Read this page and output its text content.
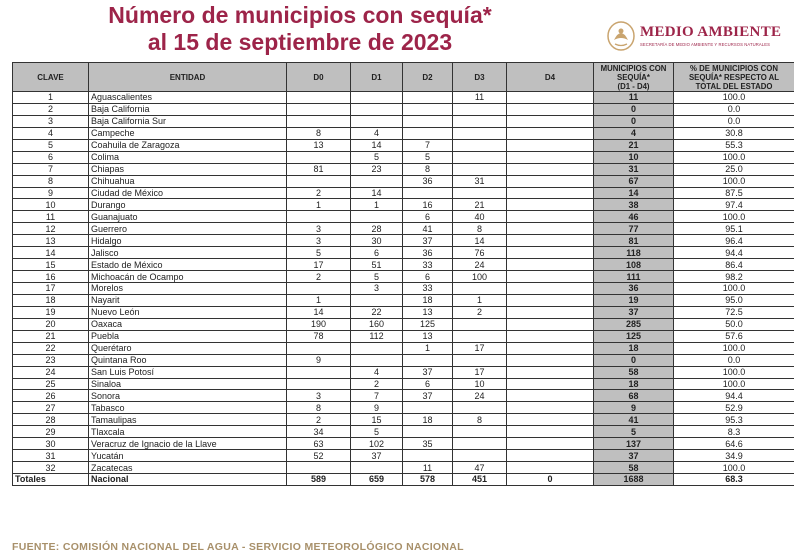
Número de municipios con sequía*
al 15 de septiembre de 2023	MEDIO AMBIENTE
SECRETARÍA DE MEDIO AMBIENTE Y RECURSOS NATURALES
CLAVE	ENTIDAD	D0	D1	D2	D3	D4	MUNICIPIOS CON SEQUÍA*
(D1 - D4)	% DE MUNICIPIOS CON SEQUÍA* RESPECTO AL TOTAL DEL ESTADO
1	Aguascalientes				11		11	100.0
2	Baja California						0	0.0
3	Baja California Sur						0	0.0
4	Campeche	8	4				4	30.8
5	Coahuila de Zaragoza	13	14	7			21	55.3
6	Colima		5	5			10	100.0
7	Chiapas	81	23	8			31	25.0
8	Chihuahua			36	31		67	100.0
9	Ciudad de México	2	14				14	87.5
10	Durango	1	1	16	21		38	97.4
11	Guanajuato			6	40		46	100.0
12	Guerrero	3	28	41	8		77	95.1
13	Hidalgo	3	30	37	14		81	96.4
14	Jalisco	5	6	36	76		118	94.4
15	Estado de México	17	51	33	24		108	86.4
16	Michoacán de Ocampo	2	5	6	100		111	98.2
17	Morelos		3	33			36	100.0
18	Nayarit	1		18	1		19	95.0
19	Nuevo León	14	22	13	2		37	72.5
20	Oaxaca	190	160	125			285	50.0
21	Puebla	78	112	13			125	57.6
22	Querétaro			1	17		18	100.0
23	Quintana Roo	9					0	0.0
24	San Luis Potosí		4	37	17		58	100.0
25	Sinaloa		2	6	10		18	100.0
26	Sonora	3	7	37	24		68	94.4
27	Tabasco	8	9				9	52.9
28	Tamaulipas	2	15	18	8		41	95.3
29	Tlaxcala	34	5				5	8.3
30	Veracruz de Ignacio de la Llave	63	102	35			137	64.6
31	Yucatán	52	37				37	34.9
32	Zacatecas			11	47		58	100.0
Totales	Nacional	589	659	578	451	0	1688	68.3
FUENTE: COMISIÓN NACIONAL DEL AGUA - SERVICIO METEOROLÓGICO NACIONAL
